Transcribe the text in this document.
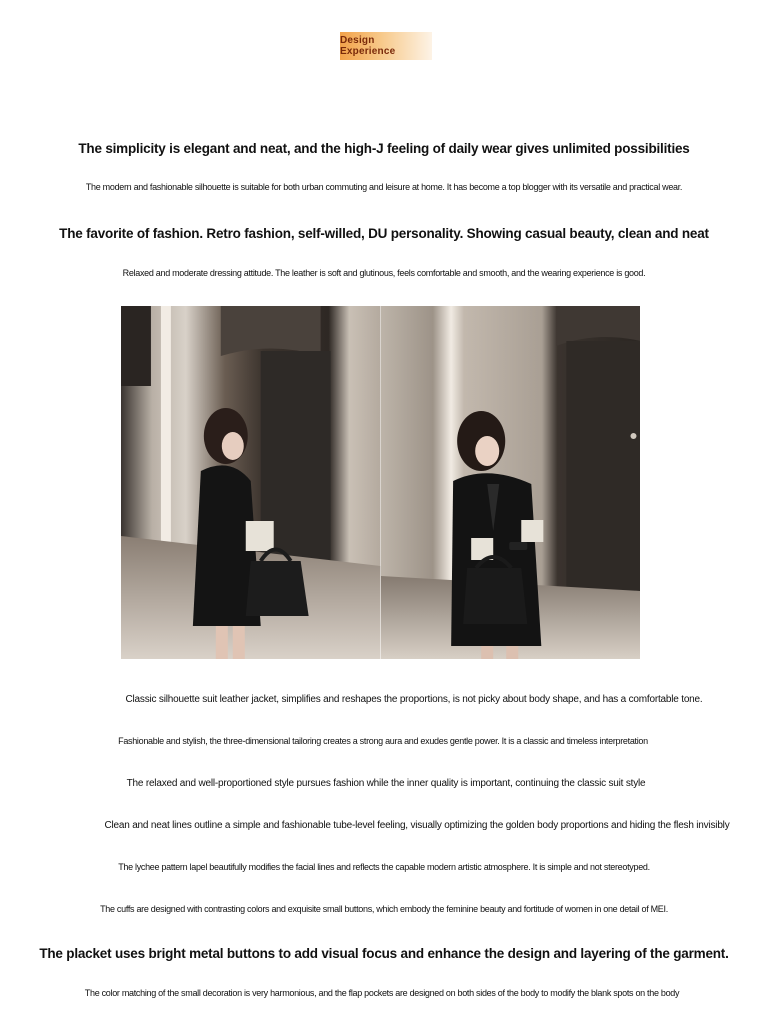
Design Experience
The simplicity is elegant and neat, and the high-J feeling of daily wear gives unlimited possibilities
The modern and fashionable silhouette is suitable for both urban commuting and leisure at home. It has become a top blogger with its versatile and practical wear.
The favorite of fashion. Retro fashion, self-willed, DU personality. Showing casual beauty, clean and neat
Relaxed and moderate dressing attitude. The leather is soft and glutinous, feels comfortable and smooth, and the wearing experience is good.
Classic silhouette suit leather jacket, simplifies and reshapes the proportions, is not picky about body shape, and has a comfortable tone.
Fashionable and stylish, the three-dimensional tailoring creates a strong aura and exudes gentle power. It is a classic and timeless interpretation
The relaxed and well-proportioned style pursues fashion while the inner quality is important, continuing the classic suit style
Clean and neat lines outline a simple and fashionable tube-level feeling, visually optimizing the golden body proportions and hiding the flesh invisibly
The lychee pattern lapel beautifully modifies the facial lines and reflects the capable modern artistic atmosphere. It is simple and not stereotyped.
The cuffs are designed with contrasting colors and exquisite small buttons, which embody the feminine beauty and fortitude of women in one detail of MEI.
The placket uses bright metal buttons to add visual focus and enhance the design and layering of the garment.
The color matching of the small decoration is very harmonious, and the flap pockets are designed on both sides of the body to modify the blank spots on the body
